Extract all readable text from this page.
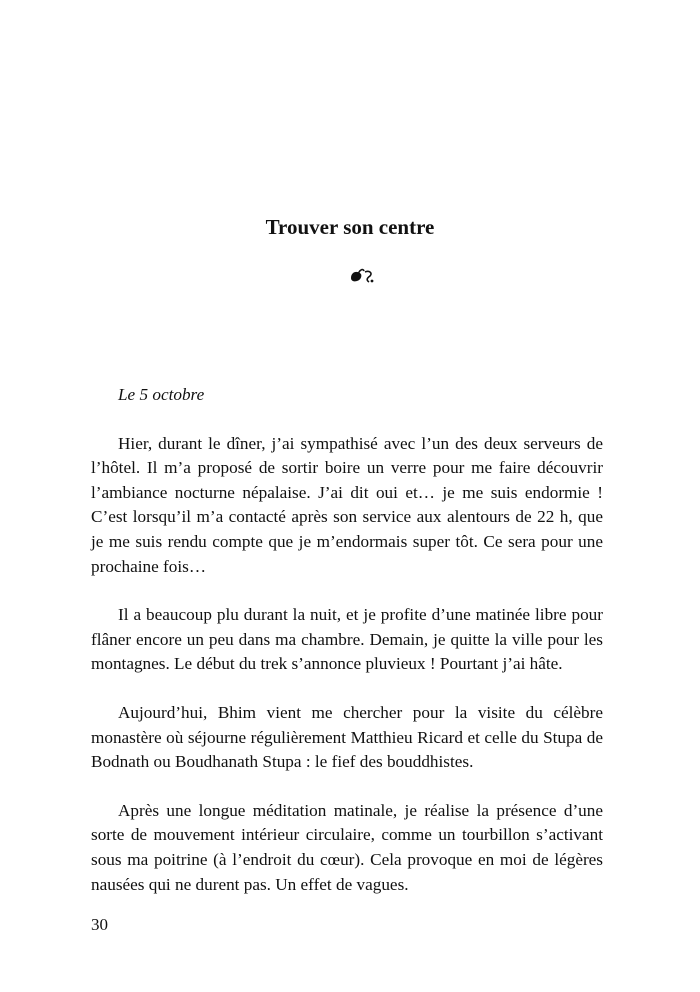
Trouver son centre

Le 5 octobre

Hier, durant le dîner, j’ai sympathisé avec l’un des deux serveurs de l’hôtel. Il m’a proposé de sortir boire un verre pour me faire découvrir l’ambiance nocturne népalaise. J’ai dit oui et… je me suis endormie ! C’est lorsqu’il m’a contacté après son service aux alentours de 22 h, que je me suis rendu compte que je m’endormais super tôt. Ce sera pour une prochaine fois…

Il a beaucoup plu durant la nuit, et je profite d’une matinée libre pour flâner encore un peu dans ma chambre. Demain, je quitte la ville pour les montagnes. Le début du trek s’annonce pluvieux ! Pourtant j’ai hâte.

Aujourd’hui, Bhim vient me chercher pour la visite du célèbre monastère où séjourne régulièrement Matthieu Ricard et celle du Stupa de Bodnath ou Boudhanath Stupa : le fief des bouddhistes.

Après une longue méditation matinale, je réalise la présence d’une sorte de mouvement intérieur circulaire, comme un tourbillon s’activant sous ma poitrine (à l’endroit du cœur). Cela provoque en moi de légères nausées qui ne durent pas. Un effet de vagues.

30
